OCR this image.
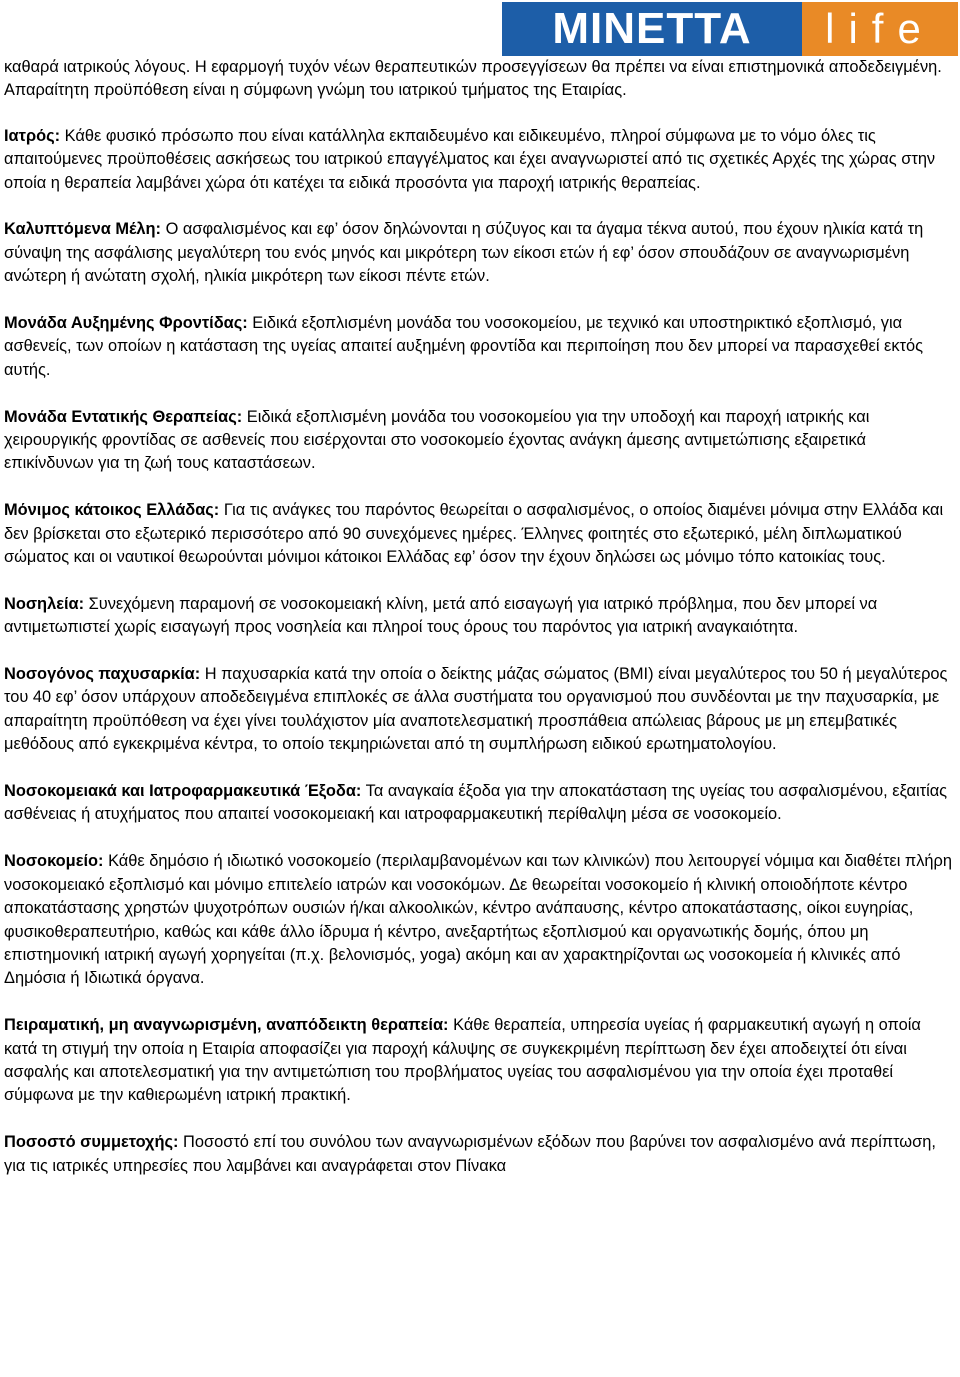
MINETTA	life

καθαρά ιατρικούς λόγους. Η εφαρμογή τυχόν νέων θεραπευτικών προσεγγίσεων θα πρέπει να είναι επιστημονικά αποδεδειγμένη. Απαραίτητη προϋπόθεση είναι η σύμφωνη γνώμη του ιατρικού τμήματος της Εταιρίας.

Ιατρός: Κάθε φυσικό πρόσωπο που είναι κατάλληλα εκπαιδευμένο και ειδικευμένο, πληροί σύμφωνα με το νόμο όλες τις απαιτούμενες προϋποθέσεις ασκήσεως του ιατρικού επαγγέλματος και έχει αναγνωριστεί από τις σχετικές Αρχές της χώρας στην οποία η θεραπεία λαμβάνει χώρα ότι κατέχει τα ειδικά προσόντα για παροχή ιατρικής θεραπείας.

Καλυπτόμενα Μέλη: Ο ασφαλισμένος και εφ’ όσον δηλώνονται η σύζυγος και τα άγαμα τέκνα αυτού, που έχουν ηλικία κατά τη σύναψη της ασφάλισης μεγαλύτερη του ενός μηνός και μικρότερη των είκοσι ετών ή εφ’ όσον σπουδάζουν σε αναγνωρισμένη ανώτερη ή ανώτατη σχολή, ηλικία μικρότερη των είκοσι πέντε ετών.

Μονάδα Αυξημένης Φροντίδας: Ειδικά εξοπλισμένη μονάδα του νοσοκομείου, με τεχνικό και υποστηρικτικό εξοπλισμό, για ασθενείς, των οποίων η κατάσταση της υγείας απαιτεί αυξημένη φροντίδα και περιποίηση που δεν μπορεί να παρασχεθεί εκτός αυτής.

Μονάδα Εντατικής Θεραπείας: Ειδικά εξοπλισμένη μονάδα του νοσοκομείου για την υποδοχή και παροχή ιατρικής και χειρουργικής φροντίδας σε ασθενείς που εισέρχονται στο νοσοκομείο έχοντας ανάγκη άμεσης αντιμετώπισης εξαιρετικά επικίνδυνων για τη ζωή τους καταστάσεων.

Μόνιμος κάτοικος Ελλάδας: Για τις ανάγκες του παρόντος θεωρείται ο ασφαλισμένος, ο οποίος διαμένει μόνιμα στην Ελλάδα και δεν βρίσκεται στο εξωτερικό περισσότερο από 90 συνεχόμενες ημέρες. Έλληνες φοιτητές στο εξωτερικό, μέλη διπλωματικού σώματος και οι ναυτικοί θεωρούνται μόνιμοι κάτοικοι Ελλάδας εφ’ όσον την έχουν δηλώσει ως μόνιμο τόπο κατοικίας τους.

Νοσηλεία: Συνεχόμενη παραμονή σε νοσοκομειακή κλίνη, μετά από εισαγωγή για ιατρικό πρόβλημα, που δεν μπορεί να αντιμετωπιστεί χωρίς εισαγωγή προς νοσηλεία και πληροί τους όρους του παρόντος για ιατρική αναγκαιότητα.

Νοσογόνος παχυσαρκία: Η παχυσαρκία κατά την οποία ο δείκτης μάζας σώματος (BMI) είναι μεγαλύτερος του 50 ή μεγαλύτερος του 40 εφ’ όσον υπάρχουν αποδεδειγμένα επιπλοκές σε άλλα συστήματα του οργανισμού που συνδέονται με την παχυσαρκία, με απαραίτητη προϋπόθεση να έχει γίνει τουλάχιστον μία αναποτελεσματική προσπάθεια απώλειας βάρους με μη επεμβατικές μεθόδους από εγκεκριμένα κέντρα, το οποίο τεκμηριώνεται από τη συμπλήρωση ειδικού ερωτηματολογίου.

Νοσοκομειακά και Ιατροφαρμακευτικά Έξοδα: Τα αναγκαία έξοδα για την αποκατάσταση της υγείας του ασφαλισμένου, εξαιτίας ασθένειας ή ατυχήματος που απαιτεί νοσοκομειακή και ιατροφαρμακευτική περίθαλψη μέσα σε νοσοκομείο.

Νοσοκομείο: Κάθε δημόσιο ή ιδιωτικό νοσοκομείο (περιλαμβανομένων και των κλινικών) που λειτουργεί νόμιμα και διαθέτει πλήρη νοσοκομειακό εξοπλισμό και μόνιμο επιτελείο ιατρών και νοσοκόμων. Δε θεωρείται νοσοκομείο ή κλινική οποιοδήποτε κέντρο αποκατάστασης χρηστών ψυχοτρόπων ουσιών ή/και αλκοολικών, κέντρο ανάπαυσης, κέντρο αποκατάστασης, οίκοι ευγηρίας, φυσικοθεραπευτήριο, καθώς και κάθε άλλο ίδρυμα ή κέντρο, ανεξαρτήτως εξοπλισμού και οργανωτικής δομής, όπου μη επιστημονική ιατρική αγωγή χορηγείται (π.χ. βελονισμός, yoga) ακόμη και αν χαρακτηρίζονται ως νοσοκομεία ή κλινικές από Δημόσια ή Ιδιωτικά όργανα.

Πειραματική, μη αναγνωρισμένη, αναπόδεικτη θεραπεία: Κάθε θεραπεία, υπηρεσία υγείας ή φαρμακευτική αγωγή η οποία κατά τη στιγμή την οποία η Εταιρία αποφασίζει για παροχή κάλυψης σε συγκεκριμένη περίπτωση δεν έχει αποδειχτεί ότι είναι ασφαλής και αποτελεσματική για την αντιμετώπιση του προβλήματος υγείας του ασφαλισμένου για την οποία έχει προταθεί σύμφωνα με την καθιερωμένη ιατρική πρακτική.

Ποσοστό συμμετοχής: Ποσοστό επί του συνόλου των αναγνωρισμένων εξόδων που βαρύνει τον ασφαλισμένο ανά περίπτωση, για τις ιατρικές υπηρεσίες που λαμβάνει και αναγράφεται στον Πίνακα
